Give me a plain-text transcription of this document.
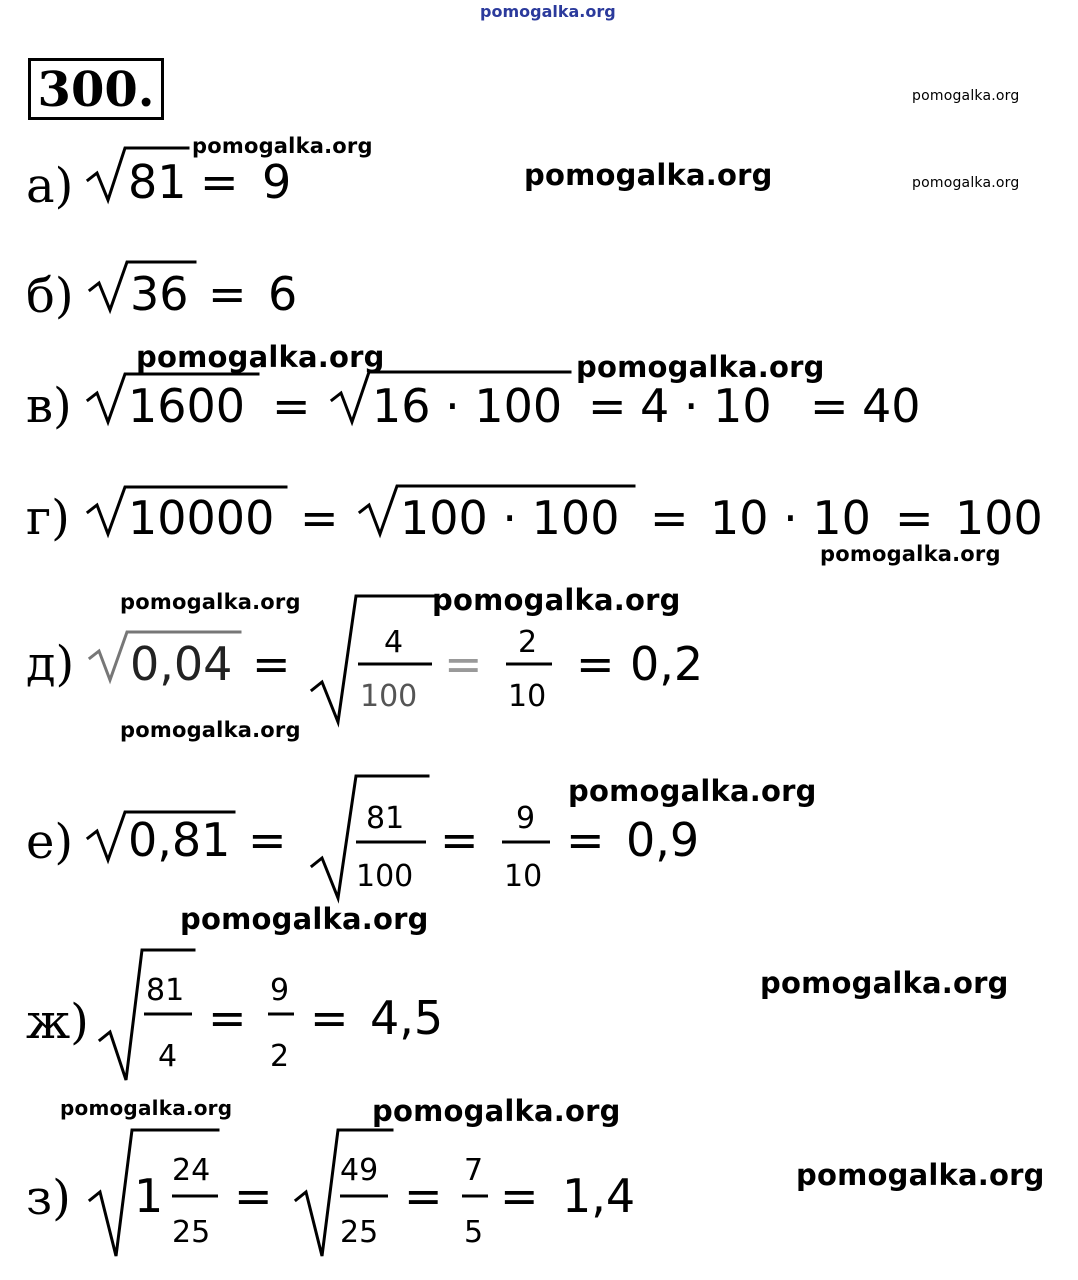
pomogalka.org
300.	pomogalka.org
pomogalka.org
pomogalka.org	pomogalka.org
pomogalka.org	pomogalka.org
pomogalka.org
pomogalka.org	pomogalka.org
pomogalka.org
pomogalka.org
pomogalka.org
pomogalka.org
pomogalka.org	pomogalka.org
pomogalka.org
а) 81 = 9
б) 36 = 6
в) 1600 = 16 · 100 = 4 · 10 = 40
г) 10000 = 100 · 100 = 10 · 10 = 100
д) 0,04 =	4
100
= 2
10
= 0,2
е) 0,81 =	81
100
= 9
10
= 0,9
ж)
81
4
=
9
2
= 4,5
з) 1 24
25
= 49
25
= 7
5
= 1,4
